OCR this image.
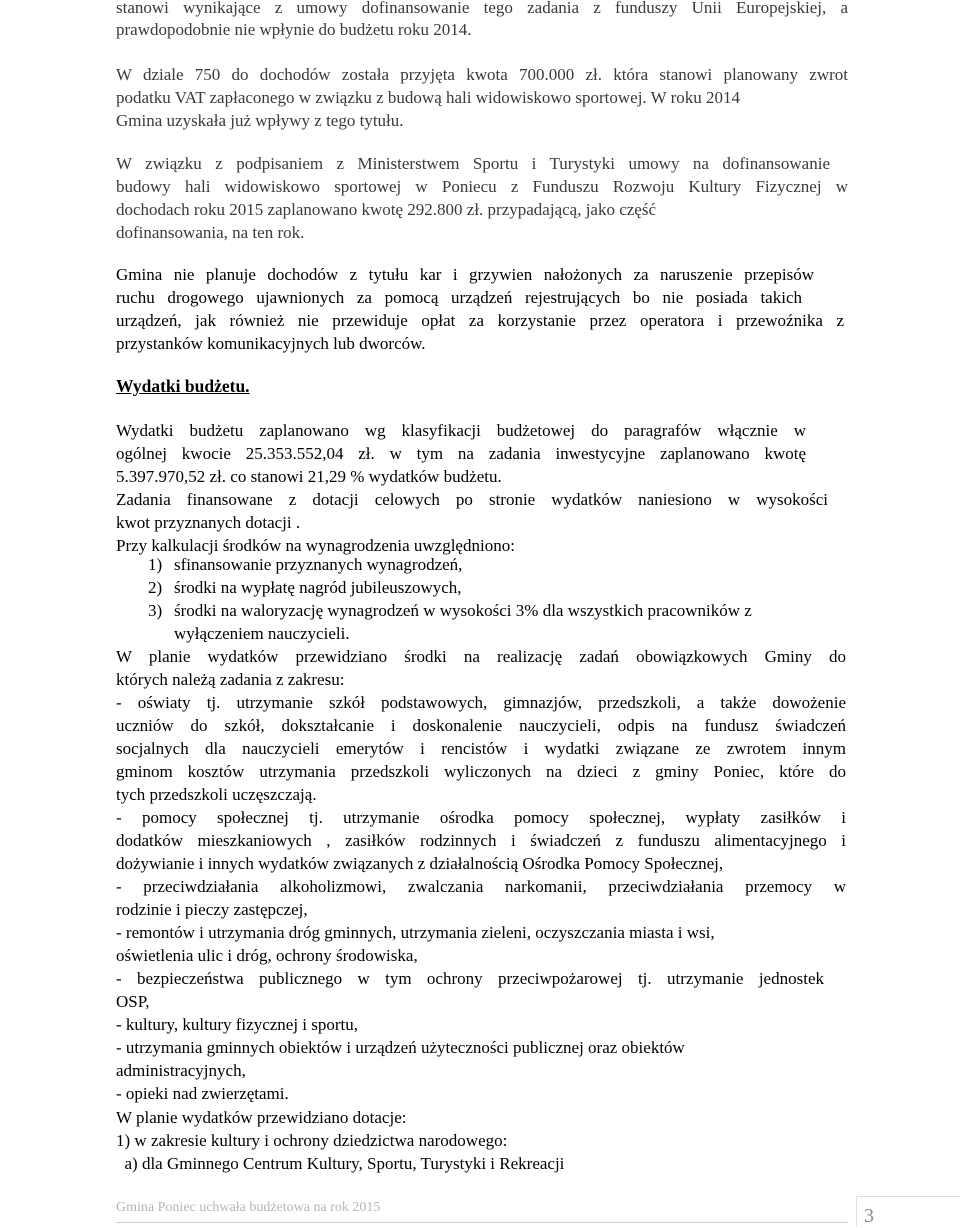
stanowi wynikające z umowy dofinansowanie tego zadania z funduszy Unii Europejskiej, a
prawdopodobnie nie wpłynie do budżetu roku 2014.
W dziale 750 do dochodów została przyjęta kwota 700.000 zł. która stanowi planowany zwrot
podatku VAT zapłaconego w związku z budową hali widowiskowo sportowej. W roku 2014
Gmina uzyskała już wpływy z tego tytułu.
W związku z podpisaniem z Ministerstwem Sportu i Turystyki umowy na dofinansowanie
budowy hali widowiskowo sportowej w Poniecu z Funduszu Rozwoju Kultury Fizycznej w
dochodach roku 2015 zaplanowano kwotę 292.800 zł. przypadającą, jako część
dofinansowania, na ten rok.
Gmina nie planuje dochodów z tytułu kar i grzywien nałożonych za naruszenie przepisów
ruchu drogowego ujawnionych za pomocą urządzeń rejestrujących bo nie posiada takich
urządzeń, jak również nie przewiduje opłat za korzystanie przez operatora i przewoźnika z
przystanków komunikacyjnych lub dworców.
Wydatki budżetu.
Wydatki budżetu zaplanowano wg klasyfikacji budżetowej do paragrafów włącznie w
ogólnej kwocie 25.353.552,04 zł. w tym na zadania inwestycyjne zaplanowano kwotę
5.397.970,52 zł. co stanowi 21,29 % wydatków budżetu.
Zadania finansowane z dotacji celowych po stronie wydatków naniesiono w wysokości
kwot przyznanych dotacji .
Przy kalkulacji środków na wynagrodzenia uwzględniono:
1) sfinansowanie przyznanych wynagrodzeń,
2) środki na wypłatę nagród jubileuszowych,
3) środki na waloryzację wynagrodzeń w wysokości 3% dla wszystkich pracowników z
wyłączeniem nauczycieli.
W planie wydatków przewidziano środki na realizację zadań obowiązkowych Gminy do
których należą zadania z zakresu:
- oświaty tj. utrzymanie szkół podstawowych, gimnazjów, przedszkoli, a także dowożenie
uczniów do szkół, dokształcanie i doskonalenie nauczycieli, odpis na fundusz świadczeń
socjalnych dla nauczycieli emerytów i rencistów i wydatki związane ze zwrotem innym
gminom kosztów utrzymania przedszkoli wyliczonych na dzieci z gminy Poniec, które do
tych przedszkoli uczęszczają.
- pomocy społecznej tj. utrzymanie ośrodka pomocy społecznej, wypłaty zasiłków i
dodatków mieszkaniowych , zasiłków rodzinnych i świadczeń z funduszu alimentacyjnego i
dożywianie i innych wydatków związanych z działalnością Ośrodka Pomocy Społecznej,
- przeciwdziałania alkoholizmowi, zwalczania narkomanii, przeciwdziałania przemocy w
rodzinie i pieczy zastępczej,
- remontów i utrzymania dróg gminnych, utrzymania zieleni, oczyszczania miasta i wsi,
oświetlenia ulic i dróg, ochrony środowiska,
- bezpieczeństwa publicznego w tym ochrony przeciwpożarowej tj. utrzymanie jednostek
OSP,
- kultury, kultury fizycznej i sportu,
- utrzymania gminnych obiektów i urządzeń użyteczności publicznej oraz obiektów
administracyjnych,
- opieki nad zwierzętami.
W planie wydatków przewidziano dotacje:
1) w zakresie kultury i ochrony dziedzictwa narodowego:
a) dla Gminnego Centrum Kultury, Sportu, Turystyki i Rekreacji
Gmina Poniec uchwała budżetowa na rok 2015	3
